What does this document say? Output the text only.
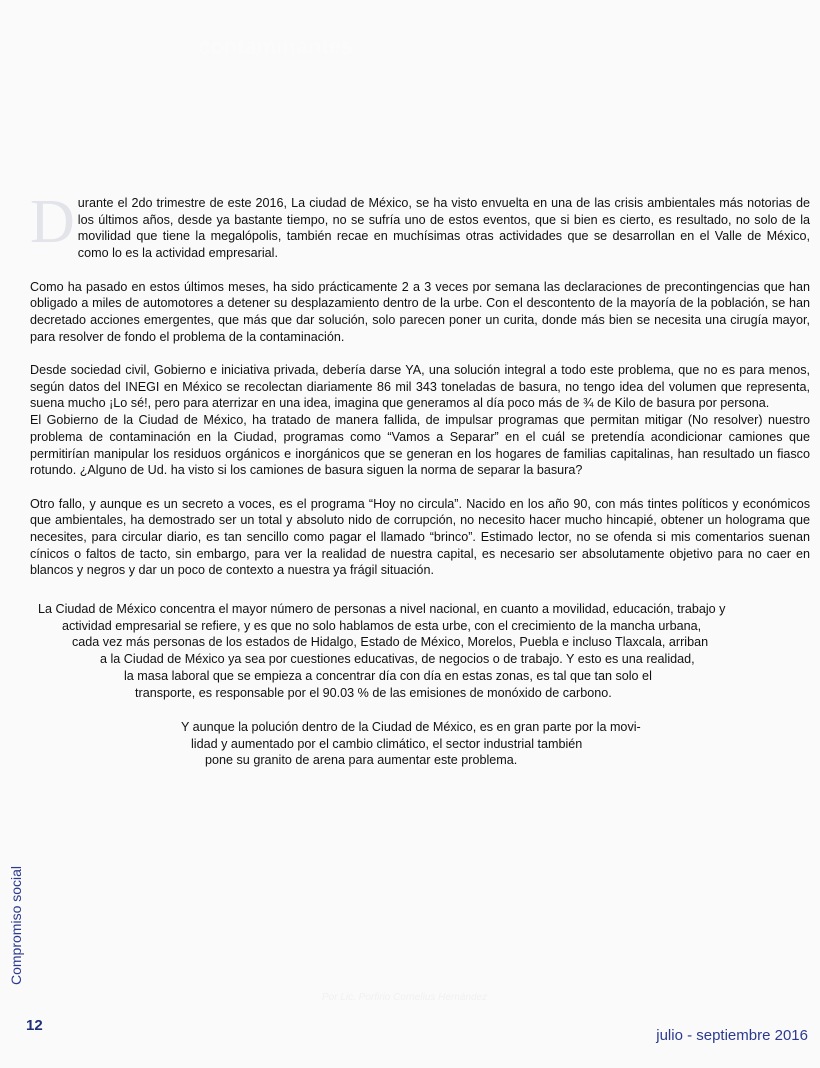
contaminantes

Durante el 2do trimestre de este 2016, La ciudad de México, se ha visto envuelta en una de las crisis ambientales más notorias de los últimos años, desde ya bastante tiempo, no se sufría uno de estos eventos, que si bien es cierto, es resultado, no solo de la movilidad que tiene la megalópolis, también recae en muchísimas otras actividades que se desarrollan en el Valle de México, como lo es la actividad empresarial.

Como ha pasado en estos últimos meses, ha sido prácticamente 2 a 3 veces por semana las declaraciones de precontingencias que han obligado a miles de automotores a detener su desplazamiento dentro de la urbe. Con el descontento de la mayoría de la población, se han decretado acciones emergentes, que más que dar solución, solo parecen poner un curita, donde más bien se necesita una cirugía mayor, para resolver de fondo el problema de la contaminación.

Desde sociedad civil, Gobierno e iniciativa privada, debería darse YA, una solución integral a todo este problema, que no es para menos, según datos del INEGI en México se recolectan diariamente 86 mil 343 toneladas de basura, no tengo idea del volumen que representa, suena mucho ¡Lo sé!, pero para aterrizar en una idea, imagina que generamos al día poco más de ¾ de Kilo de basura por persona.

El Gobierno de la Ciudad de México, ha tratado de manera fallida, de impulsar programas que permitan mitigar (No resolver) nuestro problema de contaminación en la Ciudad, programas como “Vamos a Separar” en el cuál se pretendía acondicionar camiones que permitirían manipular los residuos orgánicos e inorgánicos que se generan en los hogares de familias capitalinas, han resultado un fiasco rotundo. ¿Alguno de Ud. ha visto si los camiones de basura siguen la norma de separar la basura?

Otro fallo, y aunque es un secreto a voces, es el programa “Hoy no circula”. Nacido en los año 90, con más tintes políticos y económicos que ambientales, ha demostrado ser un total y absoluto nido de corrupción, no necesito hacer mucho hincapié, obtener un holograma que necesites, para circular diario, es tan sencillo como pagar el llamado “brinco”. Estimado lector, no se ofenda si mis comentarios suenan cínicos o faltos de tacto, sin embargo, para ver la realidad de nuestra capital, es necesario ser absolutamente objetivo para no caer en blancos y negros y dar un poco de contexto a nuestra ya frágil situación.

La Ciudad de México concentra el mayor número de personas a nivel nacional, en cuanto a movilidad, educación, trabajo y
actividad empresarial se refiere, y es que no solo hablamos de esta urbe, con el crecimiento de la mancha urbana,
cada vez más personas de los estados de Hidalgo, Estado de México, Morelos, Puebla e incluso Tlaxcala, arriban
a la Ciudad de México ya sea por cuestiones educativas, de negocios o de trabajo. Y esto es una realidad,
la masa laboral que se empieza a concentrar día con día en estas zonas, es tal que tan solo el
transporte, es responsable por el 90.03 % de las emisiones de monóxido de carbono.
Y aunque la polución dentro de la Ciudad de México, es en gran parte por la movi-
lidad y aumentado por el cambio climático, el sector industrial también
pone su granito de arena para aumentar este problema.
Por Lic. Porfirio Cornelius Hernández
Compromiso social
12
julio - septiembre 2016
